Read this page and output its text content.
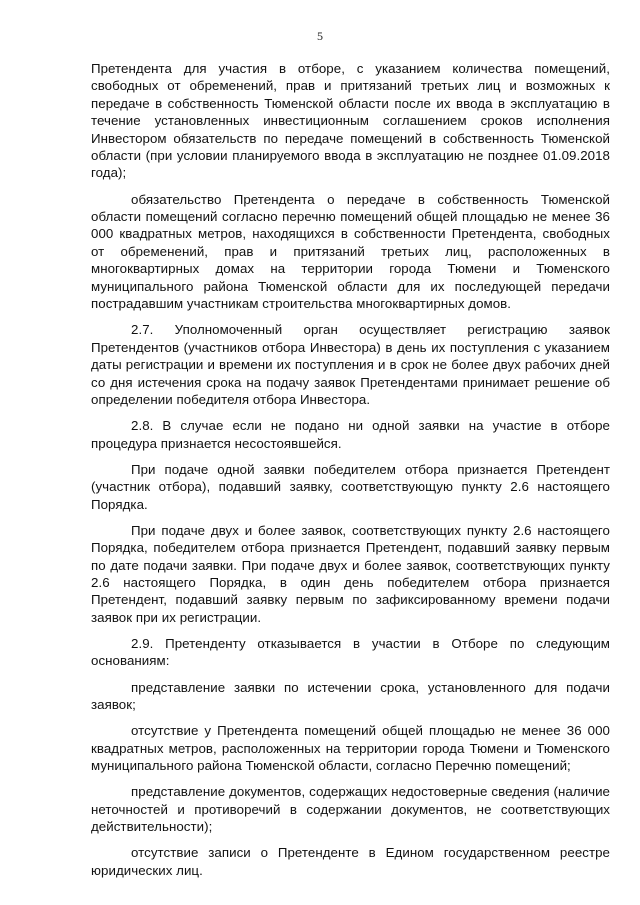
5

Претендента для участия в отборе, с указанием количества помещений, свободных от обременений, прав и притязаний третьих лиц и возможных к передаче в собственность Тюменской области после их ввода в эксплуатацию в течение установленных инвестиционным соглашением сроков исполнения Инвестором обязательств по передаче помещений в собственность Тюменской области (при условии планируемого ввода в эксплуатацию не позднее 01.09.2018 года);

обязательство Претендента о передаче в собственность Тюменской области помещений согласно перечню помещений общей площадью не менее 36 000 квадратных метров, находящихся в собственности Претендента, свободных от обременений, прав и притязаний третьих лиц, расположенных в многоквартирных домах на территории города Тюмени и Тюменского муниципального района Тюменской области для их последующей передачи пострадавшим участникам строительства многоквартирных домов.

2.7. Уполномоченный орган осуществляет регистрацию заявок Претендентов (участников отбора Инвестора) в день их поступления с указанием даты регистрации и времени их поступления и в срок не более двух рабочих дней со дня истечения срока на подачу заявок Претендентами принимает решение об определении победителя отбора Инвестора.

2.8. В случае если не подано ни одной заявки на участие в отборе процедура признается несостоявшейся.

При подаче одной заявки победителем отбора признается Претендент (участник отбора), подавший заявку, соответствующую пункту 2.6 настоящего Порядка.

При подаче двух и более заявок, соответствующих пункту 2.6 настоящего Порядка, победителем отбора признается Претендент, подавший заявку первым по дате подачи заявки. При подаче двух и более заявок, соответствующих пункту 2.6 настоящего Порядка, в один день победителем отбора признается Претендент, подавший заявку первым по зафиксированному времени подачи заявок при их регистрации.

2.9. Претенденту отказывается в участии в Отборе по следующим основаниям:

представление заявки по истечении срока, установленного для подачи заявок;

отсутствие у Претендента помещений общей площадью не менее 36 000 квадратных метров, расположенных на территории города Тюмени и Тюменского муниципального района Тюменской области, согласно Перечню помещений;

представление документов, содержащих недостоверные сведения (наличие неточностей и противоречий в содержании документов, не соответствующих действительности);

отсутствие записи о Претенденте в Едином государственном реестре юридических лиц.
